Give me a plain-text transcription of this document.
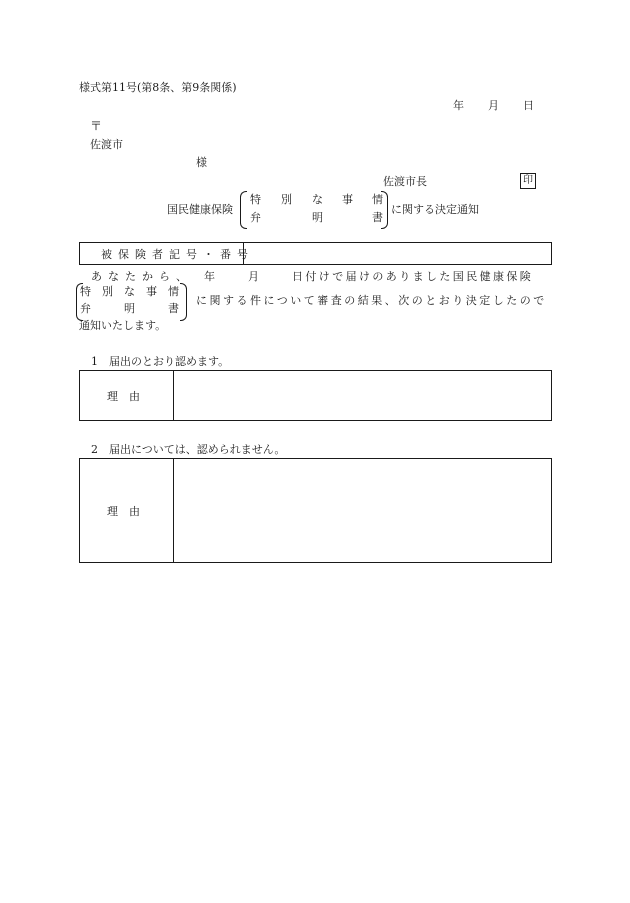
様式第11号(第8条、第9条関係)
年 月 日
〒
佐渡市
様
佐渡市長	印
国民健康保険
特 別 な 事 情
弁	明	書
に関する決定通知
被保険者記号・番号
あなたから、 年	月	日付けで届けのありました国民健康保険
特 別 な 事 情
弁	明	書
に関する件について審査の結果、次のとおり決定したので
通知いたします。
1　届出のとおり認めます。
理　由
2　届出については、認められません。
理　由
